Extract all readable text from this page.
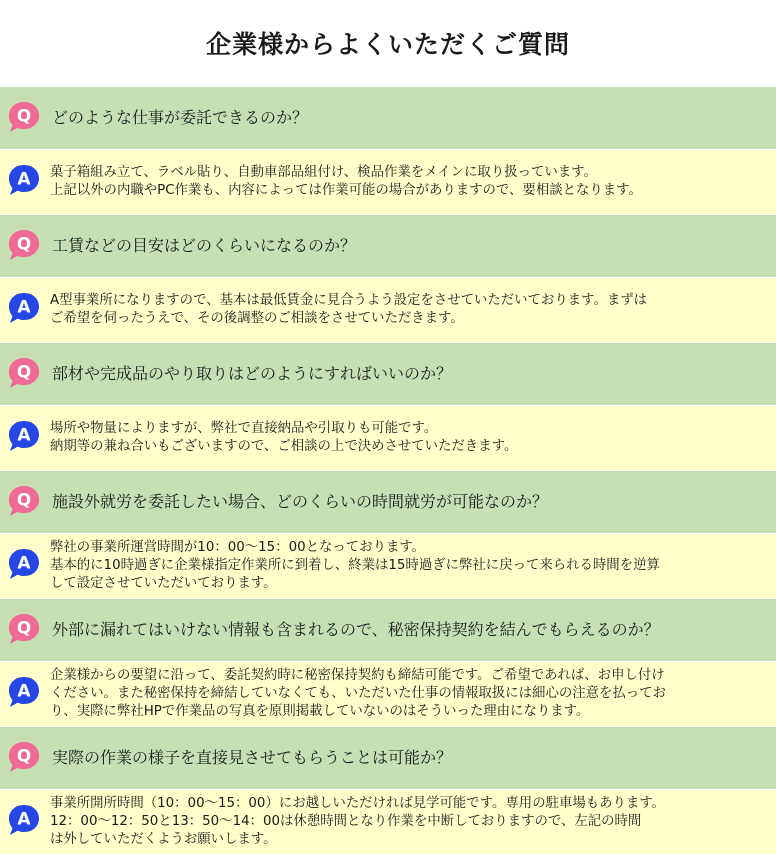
企業様からよくいただくご質問
Q どのような仕事が委託できるのか？
A 菓子箱組み立て、ラベル貼り、自動車部品組付け、検品作業をメインに取り扱っています。
上記以外の内職やPC作業も、内容によっては作業可能の場合がありますので、要相談となります。
Q 工賃などの目安はどのくらいになるのか？
A A型事業所になりますので、基本は最低賃金に見合うよう設定をさせていただいております。まずは
ご希望を伺ったうえで、その後調整のご相談をさせていただきます。
Q 部材や完成品のやり取りはどのようにすればいいのか？
A 場所や物量によりますが、弊社で直接納品や引取りも可能です。
納期等の兼ね合いもございますので、ご相談の上で決めさせていただきます。
Q 施設外就労を委託したい場合、どのくらいの時間就労が可能なのか？
A
弊社の事業所運営時間が10：00～15：00となっております。
基本的に10時過ぎに企業様指定作業所に到着し、終業は15時過ぎに弊社に戻って来られる時間を逆算
して設定させていただいております。
Q 外部に漏れてはいけない情報も含まれるので、秘密保持契約を結んでもらえるのか？
A
企業様からの要望に沿って、委託契約時に秘密保持契約も締結可能です。ご希望であれば、お申し付け
ください。また秘密保持を締結していなくても、いただいた仕事の情報取扱には細心の注意を払ってお
り、実際に弊社HPで作業品の写真を原則掲載していないのはそういった理由になります。
Q 実際の作業の様子を直接見させてもらうことは可能か？
A
事業所開所時間（10：00～15：00）にお越しいただければ見学可能です。専用の駐車場もあります。
12：00～12：50と13：50～14：00は休憩時間となり作業を中断しておりますので、左記の時間
は外していただくようお願いします。
